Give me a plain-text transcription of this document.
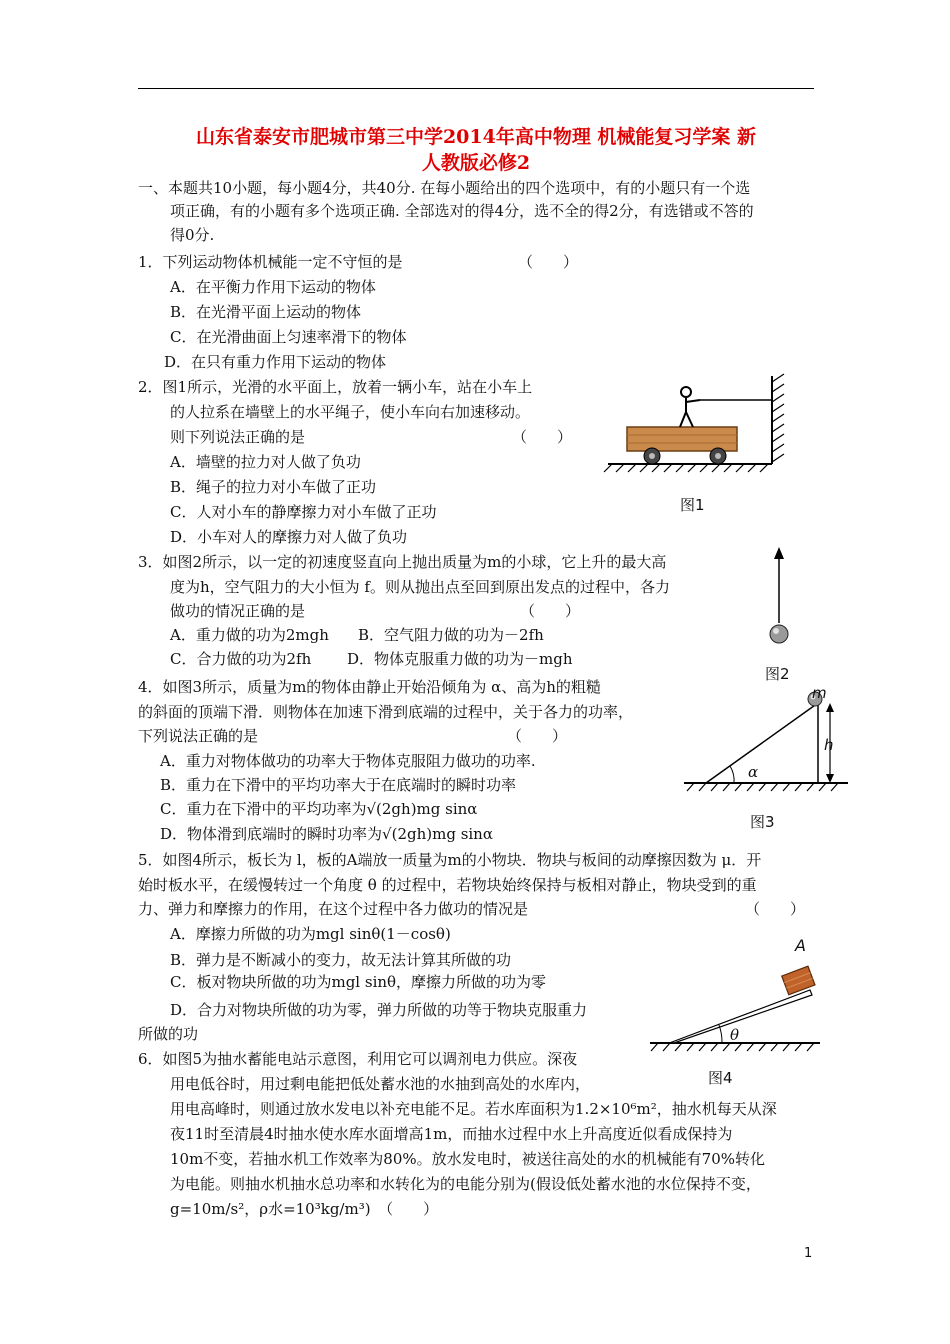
山东省泰安市肥城市第三中学2014年高中物理 机械能复习学案 新
人教版必修2
一、本题共10小题，每小题4分，共40分. 在每小题给出的四个选项中，有的小题只有一个选
项正确，有的小题有多个选项正确. 全部选对的得4分，选不全的得2分，有选错或不答的
得0分.
1．下列运动物体机械能一定不守恒的是	（　　）
A．在平衡力作用下运动的物体
B．在光滑平面上运动的物体
C．在光滑曲面上匀速率滑下的物体
D．在只有重力作用下运动的物体
2．图1所示，光滑的水平面上，放着一辆小车，站在小车上
的人拉系在墙壁上的水平绳子，使小车向右加速移动。
则下列说法正确的是	（　　）
A．墙壁的拉力对人做了负功
B．绳子的拉力对小车做了正功
C．人对小车的静摩擦力对小车做了正功
D．小车对人的摩擦力对人做了负功
图1
3．如图2所示，以一定的初速度竖直向上抛出质量为m的小球，它上升的最大高
度为h，空气阻力的大小恒为 f。则从抛出点至回到原出发点的过程中，各力
做功的情况正确的是	（　　）
A．重力做的功为2mgh B．空气阻力做的功为－2fh
C．合力做的功为2fh D．物体克服重力做的功为－mgh
图2
4．如图3所示，质量为m的物体由静止开始沿倾角为 α、高为h的粗糙
的斜面的顶端下滑．则物体在加速下滑到底端的过程中，关于各力的功率，
下列说法正确的是	（　　）
A．重力对物体做功的功率大于物体克服阻力做功的功率.
B．重力在下滑中的平均功率大于在底端时的瞬时功率
C．重力在下滑中的平均功率为√(2gh)mg sinα
D．物体滑到底端时的瞬时功率为√(2gh)mg sinα
m
h
α
图3
5．如图4所示，板长为 l，板的A端放一质量为m的小物块．物块与板间的动摩擦因数为 μ．开
始时板水平，在缓慢转过一个角度 θ 的过程中，若物块始终保持与板相对静止，物块受到的重
力、弹力和摩擦力的作用，在这个过程中各力做功的情况是	（　　）
A．摩擦力所做的功为mgl sinθ(1－cosθ)
B．弹力是不断减小的变力，故无法计算其所做的功
C．板对物块所做的功为mgl sinθ，摩擦力所做的功为零
D．合力对物块所做的功为零，弹力所做的功等于物块克服重力
所做的功
A
θ
图4
6．如图5为抽水蓄能电站示意图，利用它可以调剂电力供应。深夜
用电低谷时，用过剩电能把低处蓄水池的水抽到高处的水库内，
用电高峰时，则通过放水发电以补充电能不足。若水库面积为1.2×10⁶m²，抽水机每天从深
夜11时至清晨4时抽水使水库水面增高1m，而抽水过程中水上升高度近似看成保持为
10m不变，若抽水机工作效率为80%。放水发电时，被送往高处的水的机械能有70%转化
为电能。则抽水机抽水总功率和水转化为的电能分别为(假设低处蓄水池的水位保持不变，
g=10m/s²，ρ水=10³kg/m³)　（　　）
1
